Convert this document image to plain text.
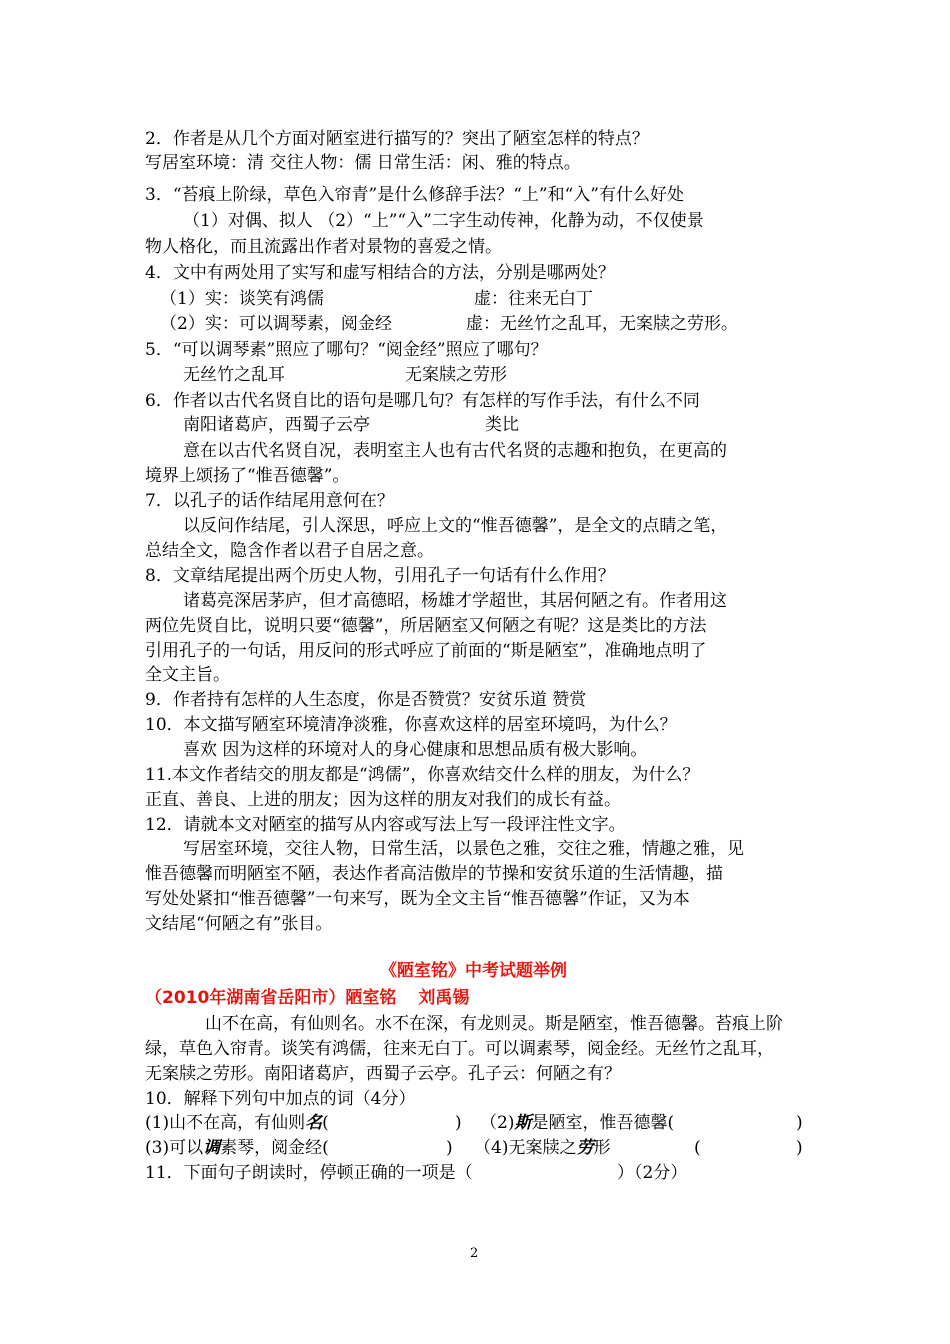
2．作者是从几个方面对陋室进行描写的？突出了陋室怎样的特点？
写居室环境：清 交往人物：儒 日常生活：闲、雅的特点。
3．“苔痕上阶绿，草色入帘青”是什么修辞手法？“上”和“入”有什么好处
（1）对偶、拟人 （2）“上”“入”二字生动传神，化静为动，不仅使景
物人格化，而且流露出作者对景物的喜爱之情。
4．文中有两处用了实写和虚写相结合的方法，分别是哪两处？
（1）实：谈笑有鸿儒	虚：往来无白丁
（2）实：可以调琴素，阅金经	虚：无丝竹之乱耳，无案牍之劳形。
5．“可以调琴素”照应了哪句？“阅金经”照应了哪句？
无丝竹之乱耳	无案牍之劳形
6．作者以古代名贤自比的语句是哪几句？有怎样的写作手法，有什么不同
南阳诸葛庐，西蜀子云亭	类比
意在以古代名贤自况，表明室主人也有古代名贤的志趣和抱负，在更高的
境界上颂扬了“惟吾德馨”。
7．以孔子的话作结尾用意何在？
以反问作结尾，引人深思，呼应上文的“惟吾德馨”，是全文的点睛之笔，
总结全文，隐含作者以君子自居之意。
8．文章结尾提出两个历史人物，引用孔子一句话有什么作用？
诸葛亮深居茅庐，但才高德昭，杨雄才学超世，其居何陋之有。作者用这
两位先贤自比，说明只要“德馨”，所居陋室又何陋之有呢？这是类比的方法
引用孔子的一句话，用反问的形式呼应了前面的“斯是陋室”，准确地点明了
全文主旨。
9．作者持有怎样的人生态度，你是否赞赏？安贫乐道 赞赏
10．本文描写陋室环境清净淡雅，你喜欢这样的居室环境吗，为什么？
喜欢 因为这样的环境对人的身心健康和思想品质有极大影响。
11.本文作者结交的朋友都是“鸿儒”，你喜欢结交什么样的朋友，为什么？
正直、善良、上进的朋友；因为这样的朋友对我们的成长有益。
12．请就本文对陋室的描写从内容或写法上写一段评注性文字。
写居室环境，交往人物，日常生活，以景色之雅，交往之雅，情趣之雅，见
惟吾德馨而明陋室不陋，表达作者高洁傲岸的节操和安贫乐道的生活情趣，描
写处处紧扣“惟吾德馨”一句来写，既为全文主旨“惟吾德馨”作证，又为本
文结尾“何陋之有”张目。
《陋室铭》中考试题举例
（2010年湖南省岳阳市）陋室铭 刘禹锡
山不在高，有仙则名。水不在深，有龙则灵。斯是陋室，惟吾德馨。苔痕上阶
绿，草色入帘青。谈笑有鸿儒，往来无白丁。可以调素琴，阅金经。无丝竹之乱耳，
无案牍之劳形。南阳诸葛庐，西蜀子云亭。孔子云：何陋之有？
10．解释下列句中加点的词（4分）
(1)山不在高，有仙则名(	) （2)斯是陋室，惟吾德馨(	)
(3)可以调素琴，阅金经(	) （4)无案牍之劳形	(	)
11．下面句子朗读时，停顿正确的一项是（	）（2分）
2
